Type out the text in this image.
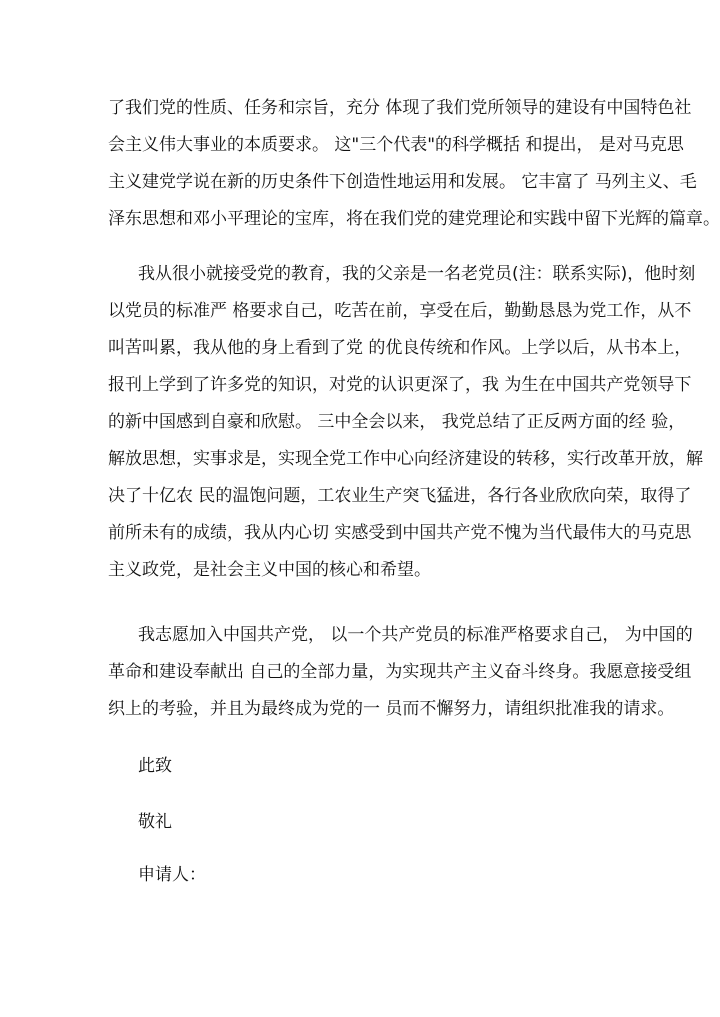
了我们党的性质、任务和宗旨，充分 体现了我们党所领导的建设有中国特色社
会主义伟大事业的本质要求。 这"三个代表"的科学概括 和提出， 是对马克思
主义建党学说在新的历史条件下创造性地运用和发展。 它丰富了 马列主义、毛
泽东思想和邓小平理论的宝库，将在我们党的建党理论和实践中留下光辉的篇章。
我从很小就接受党的教育，我的父亲是一名老党员(注：联系实际)，他时刻
以党员的标准严 格要求自己，吃苦在前，享受在后，勤勤恳恳为党工作，从不
叫苦叫累，我从他的身上看到了党 的优良传统和作风。上学以后，从书本上，
报刊上学到了许多党的知识，对党的认识更深了，我 为生在中国共产党领导下
的新中国感到自豪和欣慰。 三中全会以来， 我党总结了正反两方面的经 验，
解放思想，实事求是，实现全党工作中心向经济建设的转移，实行改革开放，解
决了十亿农 民的温饱问题，工农业生产突飞猛进，各行各业欣欣向荣，取得了
前所未有的成绩，我从内心切 实感受到中国共产党不愧为当代最伟大的马克思
主义政党，是社会主义中国的核心和希望。
我志愿加入中国共产党， 以一个共产党员的标准严格要求自己， 为中国的
革命和建设奉献出 自己的全部力量，为实现共产主义奋斗终身。我愿意接受组
织上的考验，并且为最终成为党的一 员而不懈努力，请组织批准我的请求。
此致
敬礼
申请人：
